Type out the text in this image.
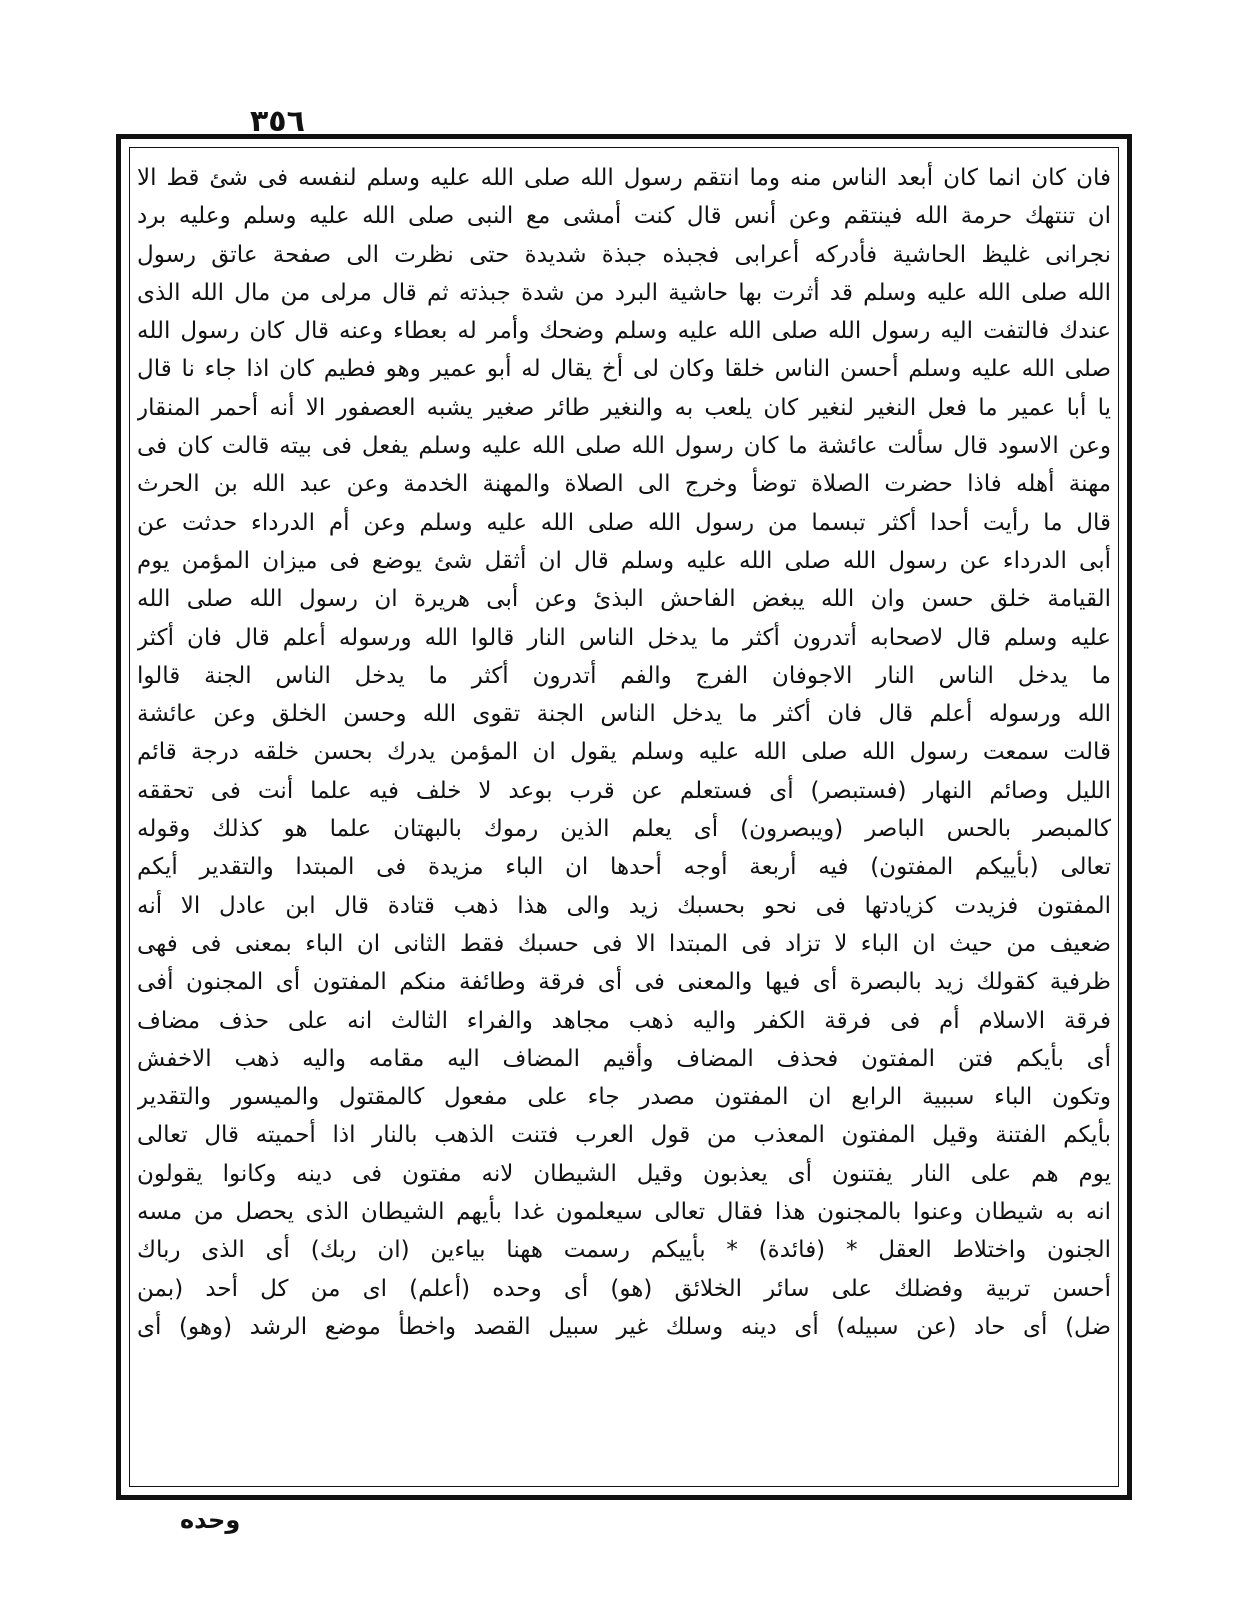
٣٥٦
فان كان انما كان أبعد الناس منه وما انتقم رسول الله صلى الله عليه وسلم لنفسه فى شئ قط الا
ان تنتهك حرمة الله فينتقم وعن أنس قال كنت أمشى مع النبى صلى الله عليه وسلم وعليه برد
نجرانى غليظ الحاشية فأدركه أعرابى فجبذه جبذة شديدة حتى نظرت الى صفحة عاتق رسول
الله صلى الله عليه وسلم قد أثرت بها حاشية البرد من شدة جبذته ثم قال مرلى من مال الله الذى
عندك فالتفت اليه رسول الله صلى الله عليه وسلم وضحك وأمر له بعطاء وعنه قال كان رسول الله
صلى الله عليه وسلم أحسن الناس خلقا وكان لى أخ يقال له أبو عمير وهو فطيم كان اذا جاء نا قال
يا أبا عمير ما فعل النغير لنغير كان يلعب به والنغير طائر صغير يشبه العصفور الا أنه أحمر المنقار
وعن الاسود قال سألت عائشة ما كان رسول الله صلى الله عليه وسلم يفعل فى بيته قالت كان فى
مهنة أهله فاذا حضرت الصلاة توضأ وخرج الى الصلاة والمهنة الخدمة وعن عبد الله بن الحرث
قال ما رأيت أحدا أكثر تبسما من رسول الله صلى الله عليه وسلم وعن أم الدرداء حدثت عن
أبى الدرداء عن رسول الله صلى الله عليه وسلم قال ان أثقل شئ يوضع فى ميزان المؤمن يوم
القيامة خلق حسن وان الله يبغض الفاحش البذئ وعن أبى هريرة ان رسول الله صلى الله
عليه وسلم قال لاصحابه أتدرون أكثر ما يدخل الناس النار قالوا الله ورسوله أعلم قال فان أكثر
ما يدخل الناس النار الاجوفان الفرج والفم أتدرون أكثر ما يدخل الناس الجنة قالوا
الله ورسوله أعلم قال فان أكثر ما يدخل الناس الجنة تقوى الله وحسن الخلق وعن عائشة
قالت سمعت رسول الله صلى الله عليه وسلم يقول ان المؤمن يدرك بحسن خلقه درجة قائم
الليل وصائم النهار (فستبصر) أى فستعلم عن قرب بوعد لا خلف فيه علما أنت فى تحققه
كالمبصر بالحس الباصر (ويبصرون) أى يعلم الذين رموك بالبهتان علما هو كذلك وقوله
تعالى (بأييكم المفتون) فيه أربعة أوجه أحدها ان الباء مزيدة فى المبتدا والتقدير أيكم
المفتون فزيدت كزيادتها فى نحو بحسبك زيد والى هذا ذهب قتادة قال ابن عادل الا أنه
ضعيف من حيث ان الباء لا تزاد فى المبتدا الا فى حسبك فقط الثانى ان الباء بمعنى فى فهى
ظرفية كقولك زيد بالبصرة أى فيها والمعنى فى أى فرقة وطائفة منكم المفتون أى المجنون أفى
فرقة الاسلام أم فى فرقة الكفر واليه ذهب مجاهد والفراء الثالث انه على حذف مضاف
أى بأيكم فتن المفتون فحذف المضاف وأقيم المضاف اليه مقامه واليه ذهب الاخفش
وتكون الباء سببية الرابع ان المفتون مصدر جاء على مفعول كالمقتول والميسور والتقدير
بأيكم الفتنة وقيل المفتون المعذب من قول العرب فتنت الذهب بالنار اذا أحميته قال تعالى
يوم هم على النار يفتنون أى يعذبون وقيل الشيطان لانه مفتون فى دينه وكانوا يقولون
انه به شيطان وعنوا بالمجنون هذا فقال تعالى سيعلمون غدا بأيهم الشيطان الذى يحصل من مسه
الجنون واختلاط العقل * (فائدة) * بأييكم رسمت ههنا بياءين (ان ربك) أى الذى رباك
أحسن تربية وفضلك على سائر الخلائق (هو) أى وحده (أعلم) اى من كل أحد (بمن
ضل) أى حاد (عن سبيله) أى دينه وسلك غير سبيل القصد واخطأ موضع الرشد (وهو) أى
وحده
